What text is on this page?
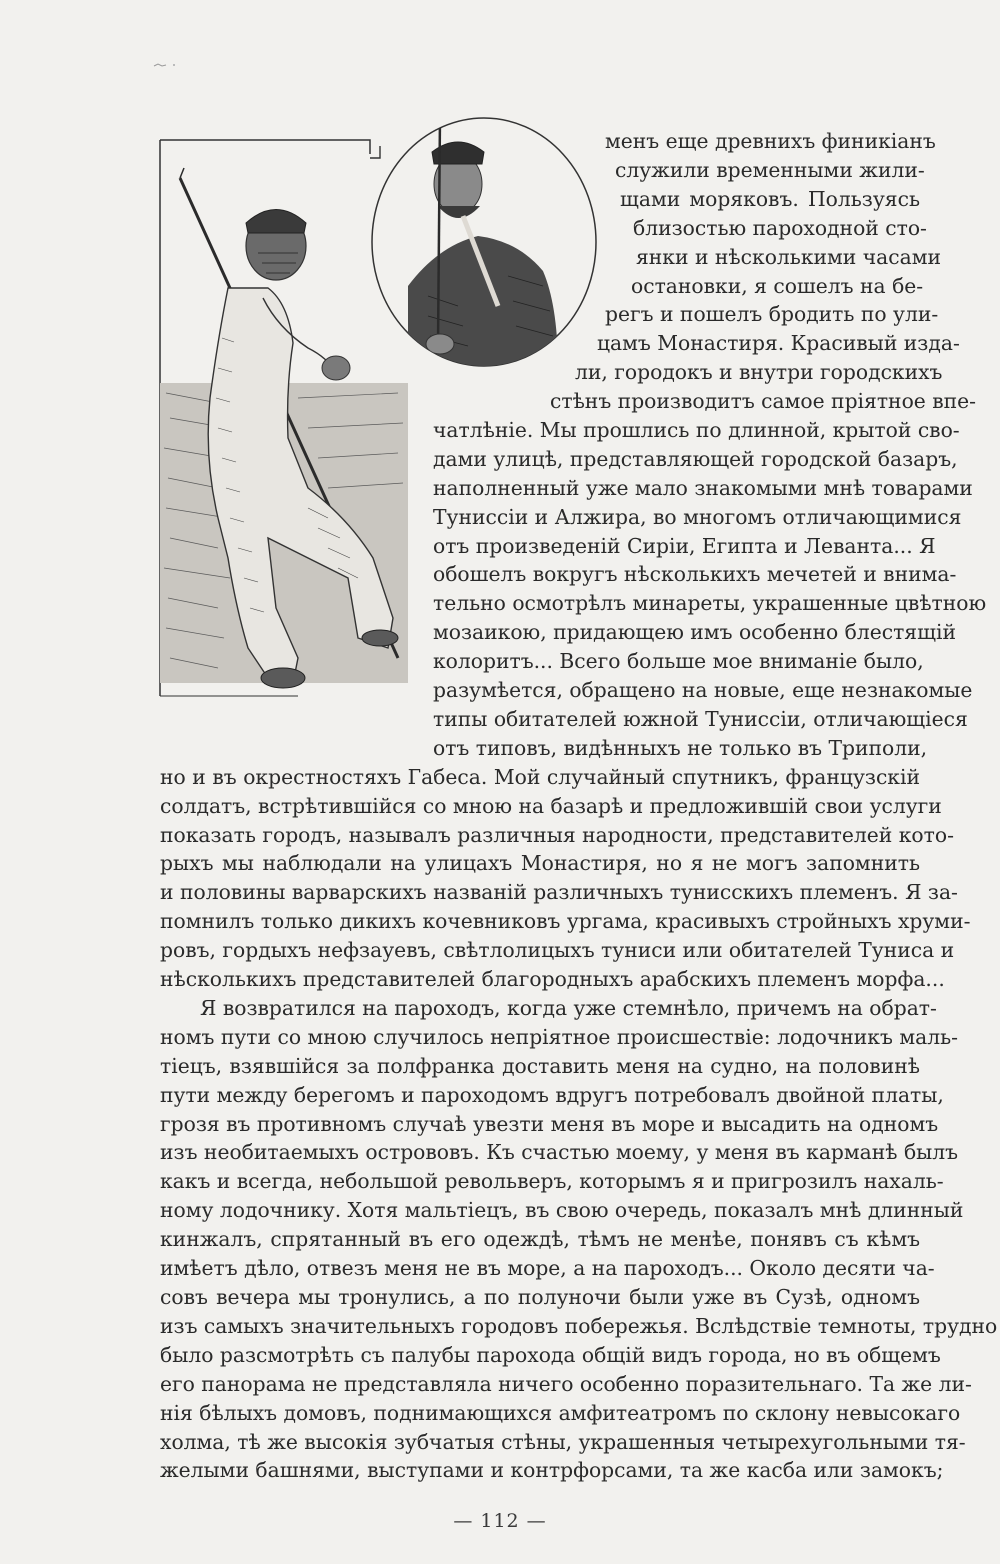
менъ еще древнихъ финикіанъ
служили временными жили-
щами моряковъ. Пользуясь
близостью пароходной сто-
янки и нѣсколькими часами
остановки, я сошелъ на бе-
регъ и пошелъ бродить по ули-
цамъ Монастиря. Красивый изда-
ли, городокъ и внутри городскихъ
стѣнъ производитъ самое пріятное впе-
чатлѣніе. Мы прошлись по длинной, крытой сво-
дами улицѣ, представляющей городской базаръ,
наполненный уже мало знакомыми мнѣ товарами
Туниссіи и Алжира, во многомъ отличающимися
отъ произведеній Сиріи, Египта и Леванта... Я
обошелъ вокругъ нѣсколькихъ мечетей и внима-
тельно осмотрѣлъ минареты, украшенные цвѣтною
мозаикою, придающею имъ особенно блестящій
колоритъ... Всего больше мое вниманіе было,
разумѣется, обращено на новые, еще незнакомые
типы обитателей южной Туниссіи, отличающіеся
отъ типовъ, видѣнныхъ не только въ Триполи,
но и въ окрестностяхъ Габеса. Мой случайный спутникъ, французскій
солдатъ, встрѣтившійся со мною на базарѣ и предложившій свои услуги
показать городъ, называлъ различныя народности, представителей кото-
рыхъ мы наблюдали на улицахъ Монастиря, но я не могъ запомнить
и половины варварскихъ названій различныхъ тунисскихъ племенъ. Я за-
помнилъ только дикихъ кочевниковъ ургама, красивыхъ стройныхъ хруми-
ровъ, гордыхъ нефзауевъ, свѣтлолицыхъ туниси или обитателей Туниса и
нѣсколькихъ представителей благородныхъ арабскихъ племенъ морфа...
Я возвратился на пароходъ, когда уже стемнѣло, причемъ на обрат-
номъ пути со мною случилось непріятное происшествіе: лодочникъ маль-
тіецъ, взявшійся за полфранка доставить меня на судно, на половинѣ
пути между берегомъ и пароходомъ вдругъ потребовалъ двойной платы,
грозя въ противномъ случаѣ увезти меня въ море и высадить на одномъ
изъ необитаемыхъ острововъ. Къ счастью моему, у меня въ карманѣ былъ
какъ и всегда, небольшой револьверъ, которымъ я и пригрозилъ нахаль-
ному лодочнику. Хотя мальтіецъ, въ свою очередь, показалъ мнѣ длинный
кинжалъ, спрятанный въ его одеждѣ, тѣмъ не менѣе, понявъ съ кѣмъ
имѣетъ дѣло, отвезъ меня не въ море, а на пароходъ... Около десяти ча-
совъ вечера мы тронулись, а по полуночи были уже въ Сузѣ, одномъ
изъ самыхъ значительныхъ городовъ побережья. Вслѣдствіе темноты, трудно
было разсмотрѣть съ палубы парохода общій видъ города, но въ общемъ
его панорама не представляла ничего особенно поразительнаго. Та же ли-
нія бѣлыхъ домовъ, поднимающихся амфитеатромъ по склону невысокаго
холма, тѣ же высокія зубчатыя стѣны, украшенныя четырехугольными тя-
желыми башнями, выступами и контрфорсами, та же касба или замокъ;
— 112 —
